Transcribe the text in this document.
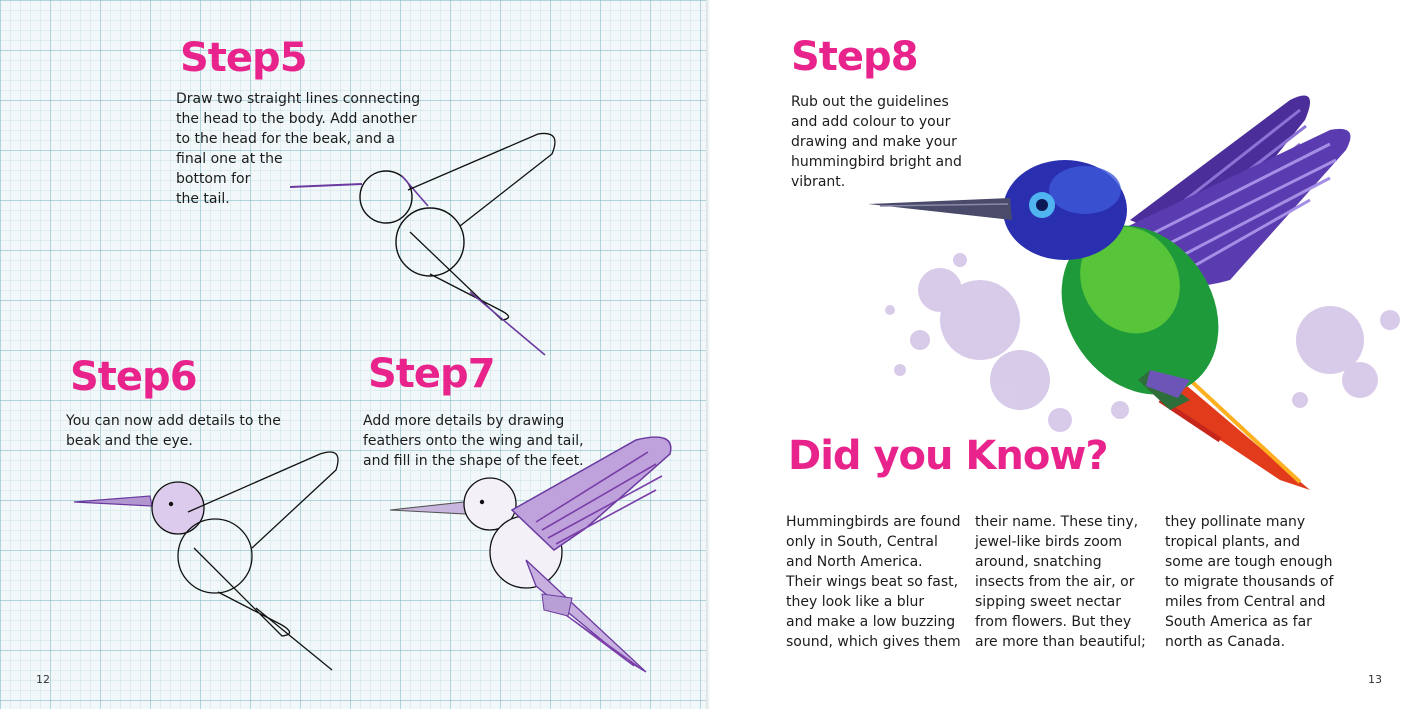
Step5
Draw two straight lines connecting
the head to the body. Add another
to the head for the beak, and a
final one at the
bottom for
the tail.
Step6
You can now add details to the
beak and the eye.
Step7
Add more details by drawing
feathers onto the wing and tail,
and fill in the shape of the feet.
12
Step8
Rub out the guidelines
and add colour to your
drawing and make your
hummingbird bright and
vibrant.
Did you Know?
Hummingbirds are found
only in South, Central
and North America.
Their wings beat so fast,
they look like a blur
and make a low buzzing
sound, which gives them
their name. These tiny,
jewel-like birds zoom
around, snatching
insects from the air, or
sipping sweet nectar
from flowers. But they
are more than beautiful;
they pollinate many
tropical plants, and
some are tough enough
to migrate thousands of
miles from Central and
South America as far
north as Canada.
13
